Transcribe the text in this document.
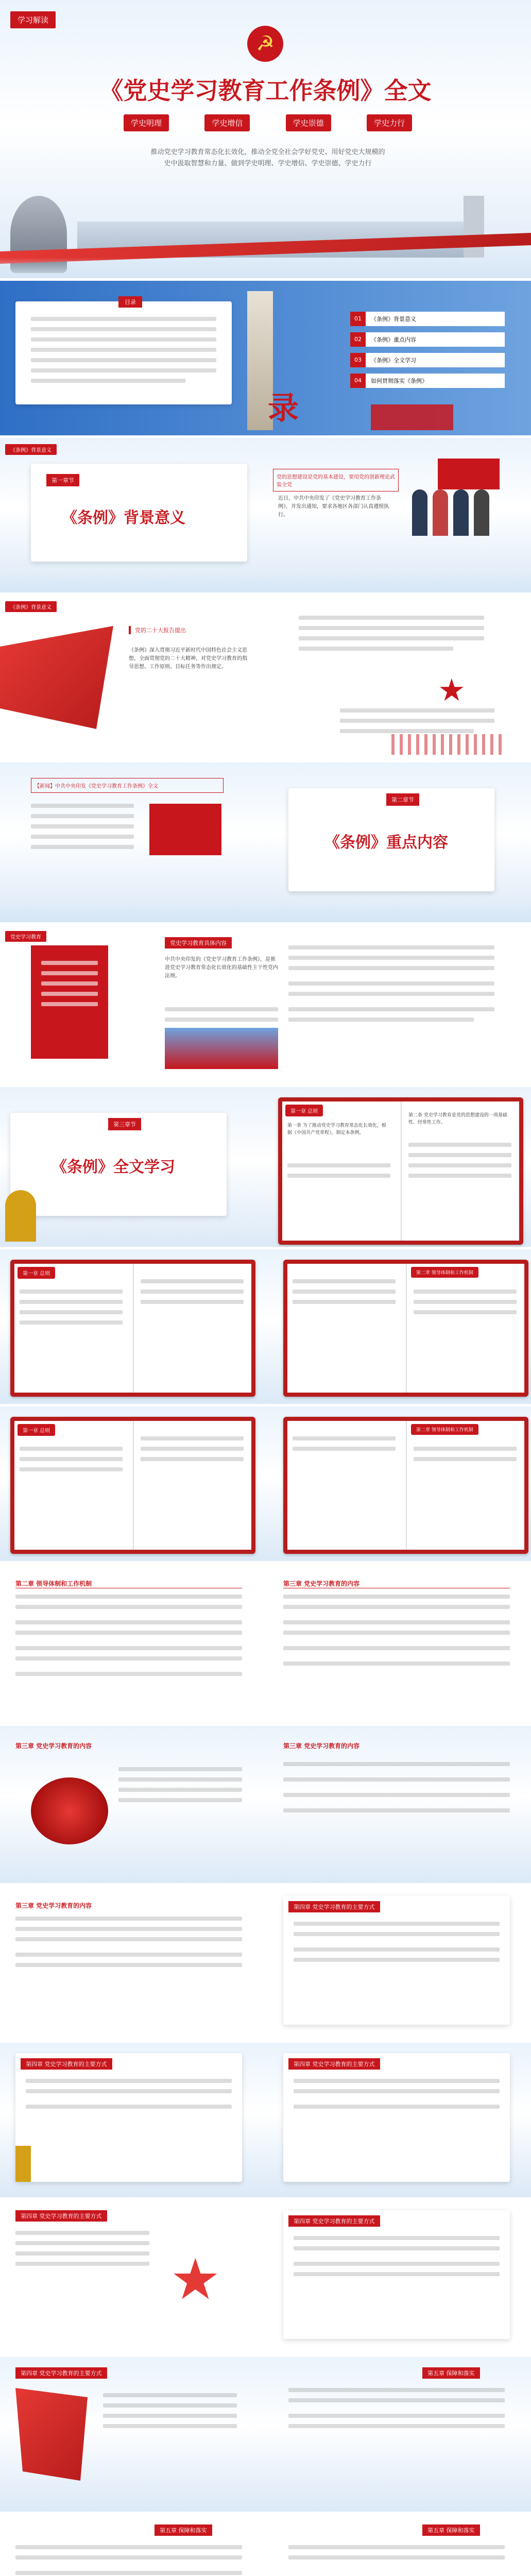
学习解读
☭
《党史学习教育工作条例》全文
学史明理	学史增信	学史崇德	学史力行
推动党史学习教育常态化长效化，推动全党全社会学好党史、用好党史大规模的
史中汲取智慧和力量、做到学史明理、学史增信、学史崇德、学史力行
目录
录
01	《条例》背景意义
02	《条例》重点内容
03	《条例》全文学习
04	如何贯彻落实《条例》
《条例》背景意义
第一章节
《条例》背景意义
党的思想建设是党的基本建设，要用党的创新理论武装全党
近日，中共中央印发了《党史学习教育工作条例》，并发出通知，要求各地区各部门认真遵照执行。
《条例》背景意义
党的二十大报告提出
《条例》深入贯彻习近平新时代中国特色社会主义思想，全面贯彻党的二十大精神，对党史学习教育的指导思想、工作原则、目标任务等作出规定。
★
【新闻】中共中央印发《党史学习教育工作条例》全文
第二章节
《条例》重点内容
党史学习教育
党史学习教育具体内容
中共中央印发的《党史学习教育工作条例》，是推进党史学习教育常态化长效化的基础性主干性党内法规。
第三章节
《条例》全文学习
第一章 总则
第一条 为了推动党史学习教育常态化长效化，根据《中国共产党章程》，制定本条例。
第二条 党史学习教育是党的思想建设的一项基础性、经常性工作。
第一章 总则	第二章 领导体制和工作机制
第一章 总则	第二章 领导体制和工作机制
第二章 领导体制和工作机制	第三章 党史学习教育的内容
第三章 党史学习教育的内容	第三章 党史学习教育的内容
第三章 党史学习教育的内容	第四章 党史学习教育的主要方式
第四章 党史学习教育的主要方式	第四章 党史学习教育的主要方式
第四章 党史学习教育的主要方式
★
第四章 党史学习教育的主要方式
第四章 党史学习教育的主要方式	第五章 保障和落实
第五章 保障和落实	第五章 保障和落实
